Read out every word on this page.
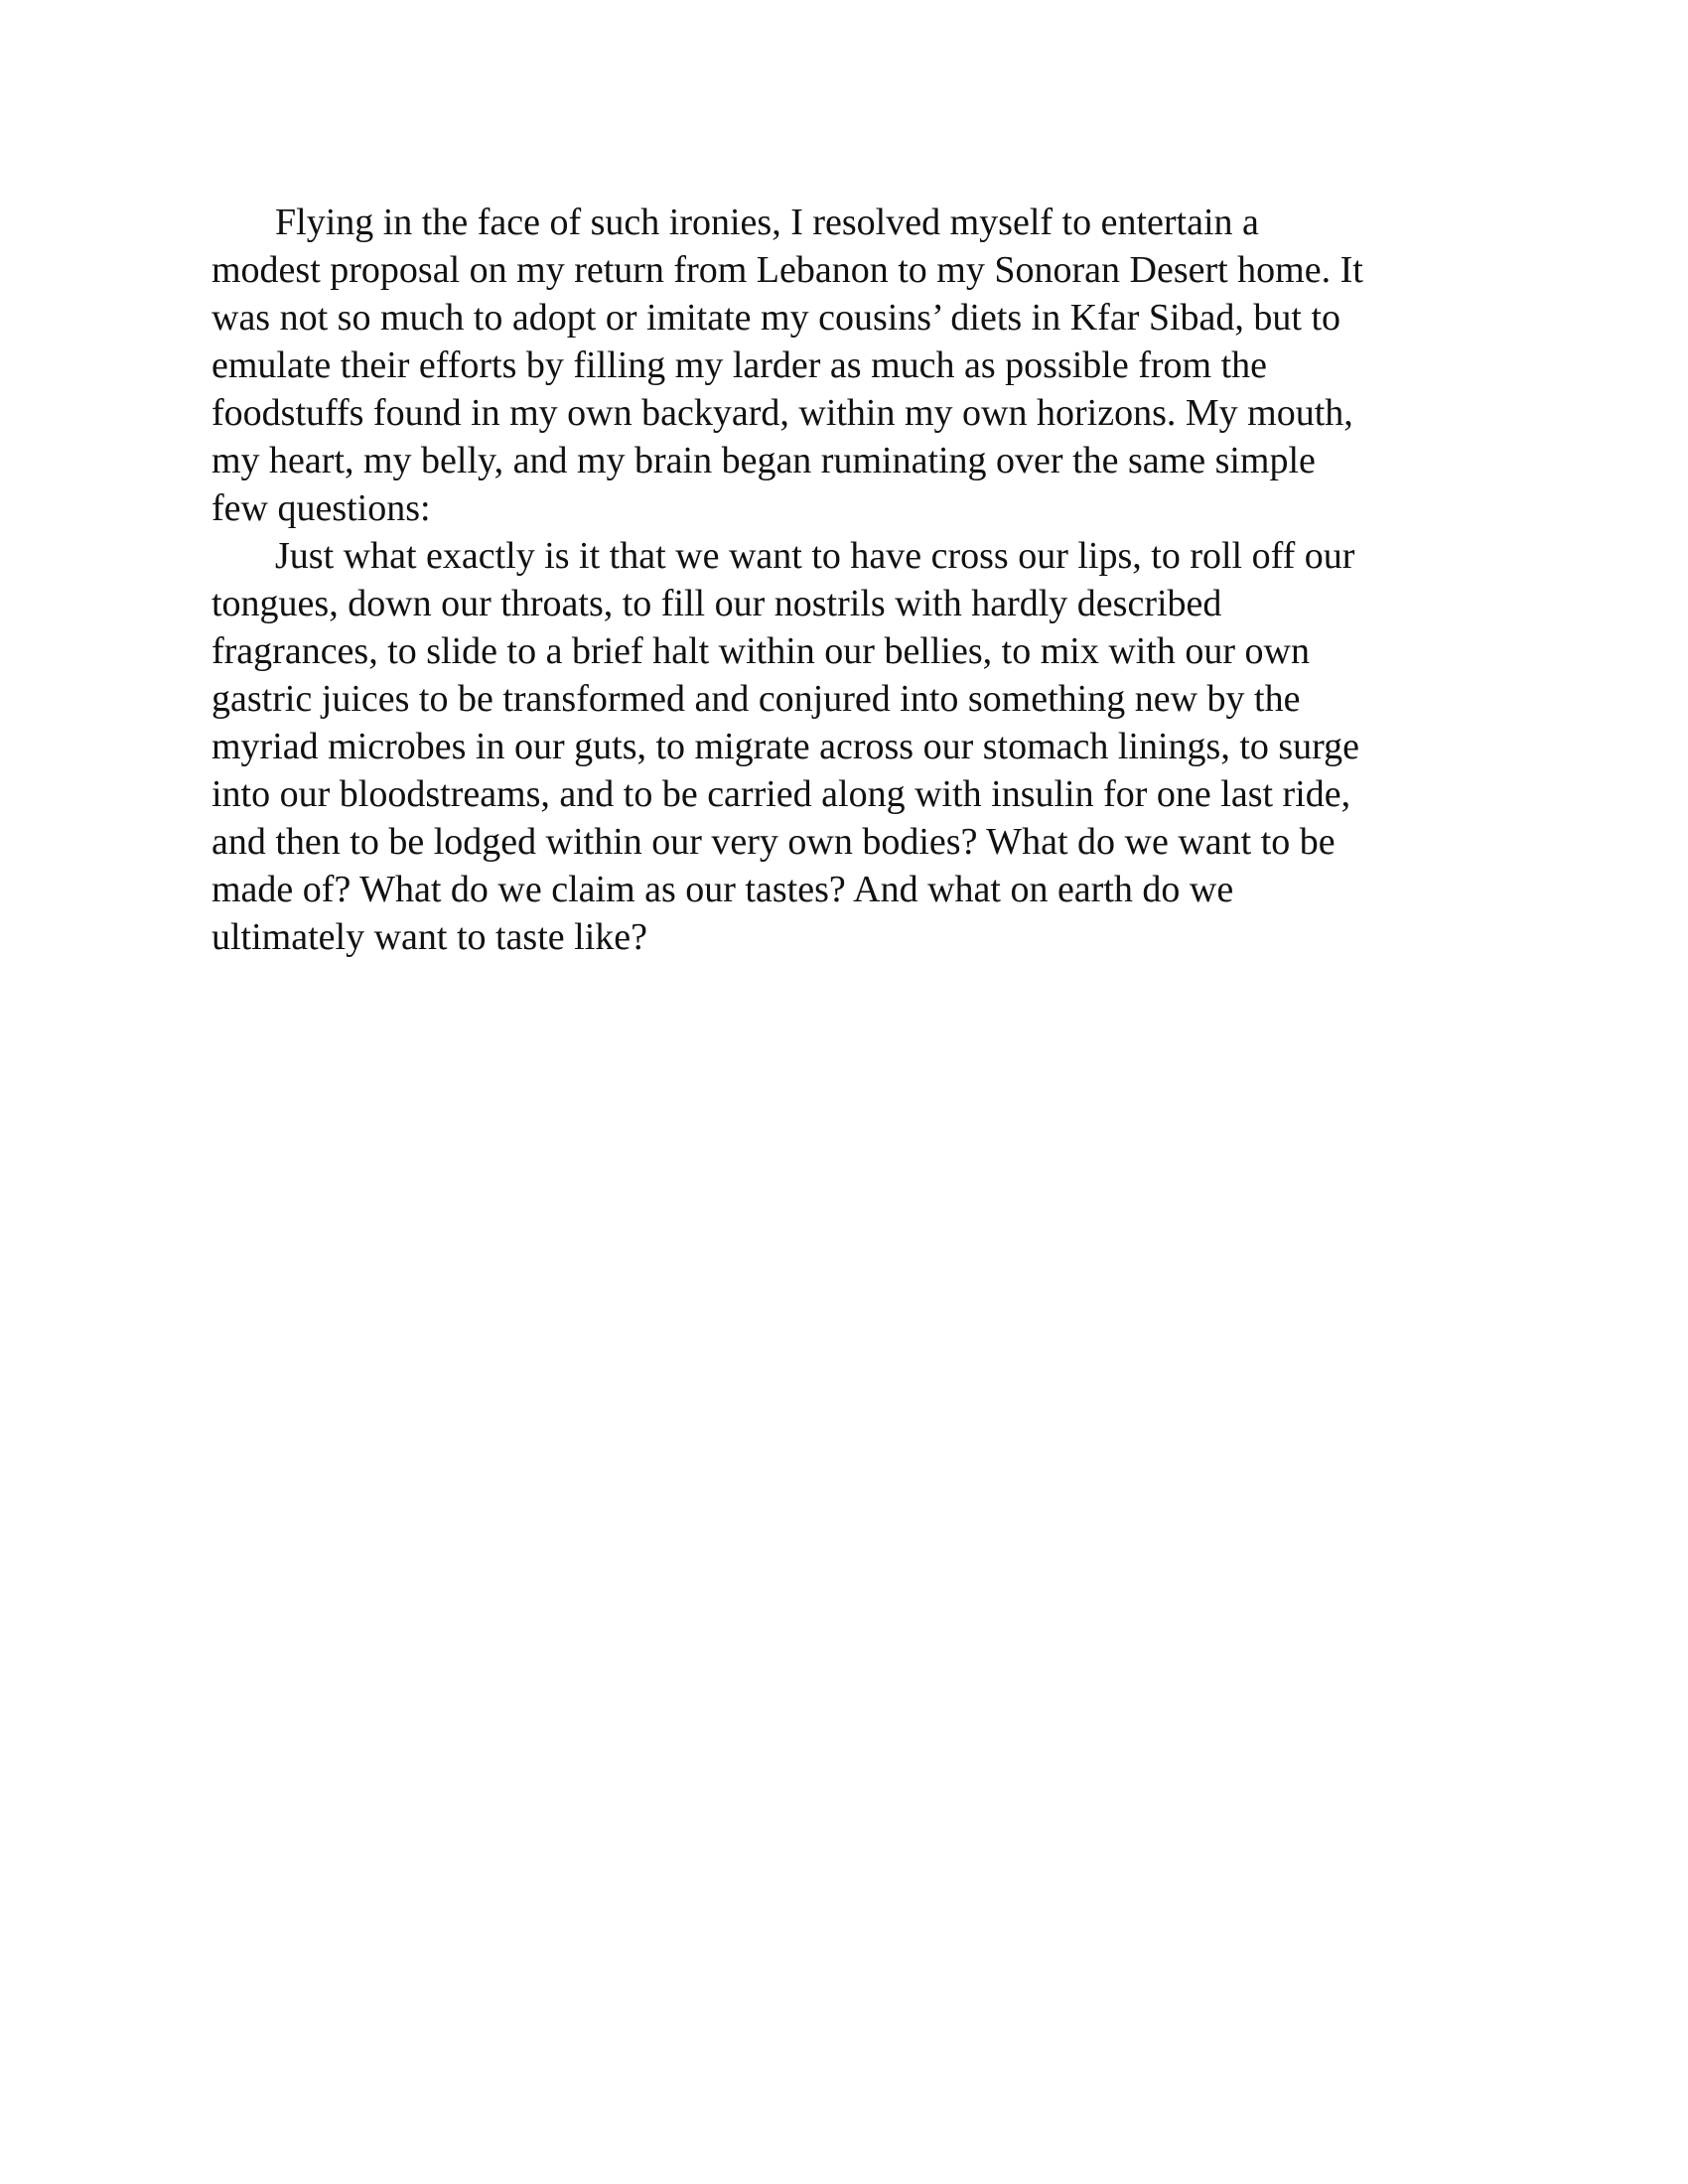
Flying in the face of such ironies, I resolved myself to entertain a
modest proposal on my return from Lebanon to my Sonoran Desert home. It
was not so much to adopt or imitate my cousins’ diets in Kfar Sibad, but to
emulate their efforts by filling my larder as much as possible from the
foodstuffs found in my own backyard, within my own horizons. My mouth,
my heart, my belly, and my brain began ruminating over the same simple
few questions:
Just what exactly is it that we want to have cross our lips, to roll off our
tongues, down our throats, to fill our nostrils with hardly described
fragrances, to slide to a brief halt within our bellies, to mix with our own
gastric juices to be transformed and conjured into something new by the
myriad microbes in our guts, to migrate across our stomach linings, to surge
into our bloodstreams, and to be carried along with insulin for one last ride,
and then to be lodged within our very own bodies? What do we want to be
made of? What do we claim as our tastes? And what on earth do we
ultimately want to taste like?
